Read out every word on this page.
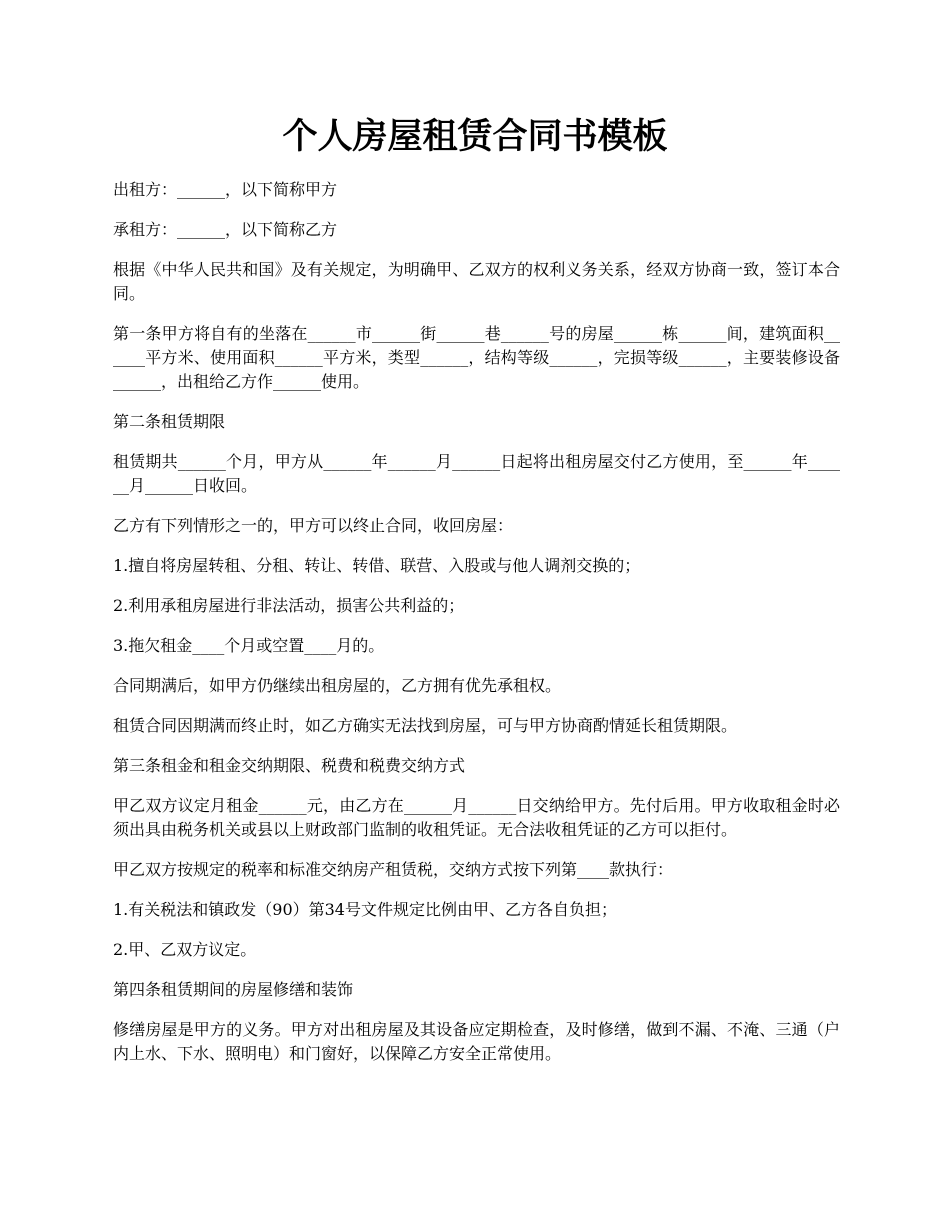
个人房屋租赁合同书模板

出租方：______，以下简称甲方

承租方：______，以下简称乙方

根据《中华人民共和国》及有关规定，为明确甲、乙双方的权利义务关系，经双方协商一致，签订本合同。

第一条甲方将自有的坐落在______市______街______巷______号的房屋______栋______间，建筑面积______平方米、使用面积______平方米，类型______，结构等级______，完损等级______，主要装修设备______，出租给乙方作______使用。

第二条租赁期限

租赁期共______个月，甲方从______年______月______日起将出租房屋交付乙方使用，至______年______月______日收回。

乙方有下列情形之一的，甲方可以终止合同，收回房屋：

1.擅自将房屋转租、分租、转让、转借、联营、入股或与他人调剂交换的；

2.利用承租房屋进行非法活动，损害公共利益的；

3.拖欠租金____个月或空置____月的。

合同期满后，如甲方仍继续出租房屋的，乙方拥有优先承租权。

租赁合同因期满而终止时，如乙方确实无法找到房屋，可与甲方协商酌情延长租赁期限。

第三条租金和租金交纳期限、税费和税费交纳方式

甲乙双方议定月租金______元，由乙方在______月______日交纳给甲方。先付后用。甲方收取租金时必须出具由税务机关或县以上财政部门监制的收租凭证。无合法收租凭证的乙方可以拒付。

甲乙双方按规定的税率和标准交纳房产租赁税，交纳方式按下列第____款执行：

1.有关税法和镇政发（90）第34号文件规定比例由甲、乙方各自负担；

2.甲、乙双方议定。

第四条租赁期间的房屋修缮和装饰

修缮房屋是甲方的义务。甲方对出租房屋及其设备应定期检查，及时修缮，做到不漏、不淹、三通（户内上水、下水、照明电）和门窗好，以保障乙方安全正常使用。
